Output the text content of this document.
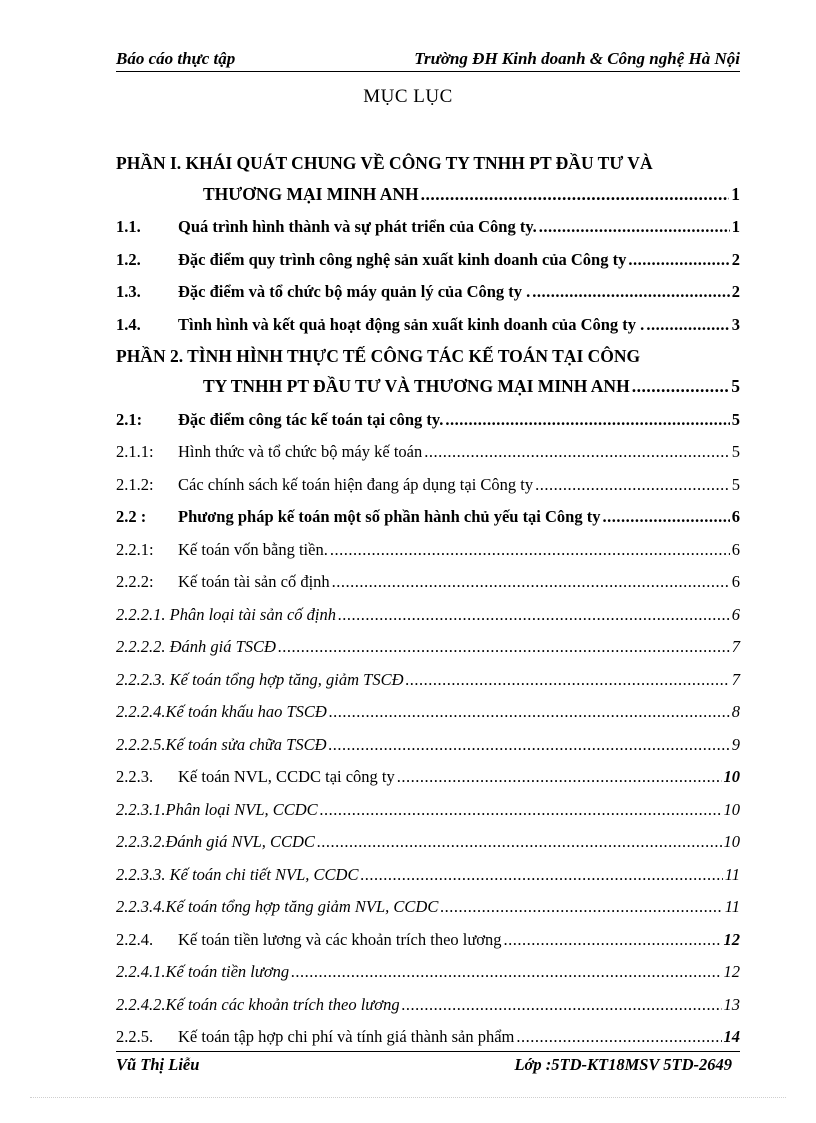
Báo cáo thực tập	Trường ĐH Kinh doanh & Công nghệ Hà Nội
MỤC LỤC
PHẦN I. KHÁI QUÁT CHUNG VỀ CÔNG TY TNHH PT ĐẦU TƯ VÀ
THƯƠNG MẠI MINH ANH .....	1
1.1.	Quá trình hình thành và sự phát triển của Công ty. .....	1
1.2.	Đặc điểm quy trình công nghệ sản xuất kinh doanh của Công ty .....	2
1.3.	Đặc điểm và tổ chức bộ máy quản lý của Công ty . .....	2
1.4.	Tình hình và kết quả hoạt động sản xuất kinh doanh của Công ty . .....	3
PHẦN 2. TÌNH HÌNH THỰC TẾ CÔNG TÁC KẾ TOÁN TẠI CÔNG
TY TNHH PT ĐẦU TƯ VÀ THƯƠNG MẠI MINH ANH .....	5
2.1:	Đặc điểm công tác kế toán tại công ty. .....	5
2.1.1:	Hình thức và tổ chức bộ máy kế toán .....	5
2.1.2:	Các chính sách kế toán hiện đang áp dụng tại Công ty .....	5
2.2 :	Phương pháp kế toán một số phần hành chủ yếu tại Công ty .....	6
2.2.1:	Kế toán vốn bằng tiền. .....	6
2.2.2:	Kế toán tài sản cố định .....	6
2.2.2.1. Phân loại tài sản cố định .....	6
2.2.2.2. Đánh giá TSCĐ .....	7
2.2.2.3. Kế toán tổng hợp tăng, giảm TSCĐ .....	7
2.2.2.4.Kế toán khấu hao TSCĐ .....	8
2.2.2.5.Kế toán sửa chữa TSCĐ .....	9
2.2.3.	Kế toán NVL, CCDC tại công ty .....	10
2.2.3.1.Phân loại NVL, CCDC .....	10
2.2.3.2.Đánh giá NVL, CCDC .....	10
2.2.3.3. Kế toán chi tiết NVL, CCDC .....	11
2.2.3.4.Kế toán tổng hợp tăng giảm NVL, CCDC .....	11
2.2.4.	Kế toán tiền lương và các khoản trích theo lương .....	12
2.2.4.1.Kế toán tiền lương .....	12
2.2.4.2.Kế toán các khoản trích theo lương .....	13
2.2.5.	Kế toán tập hợp chi phí và tính giá thành sản phẩm .....	14
Vũ Thị Liễu	Lớp :5TD-KT18MSV 5TD-2649
